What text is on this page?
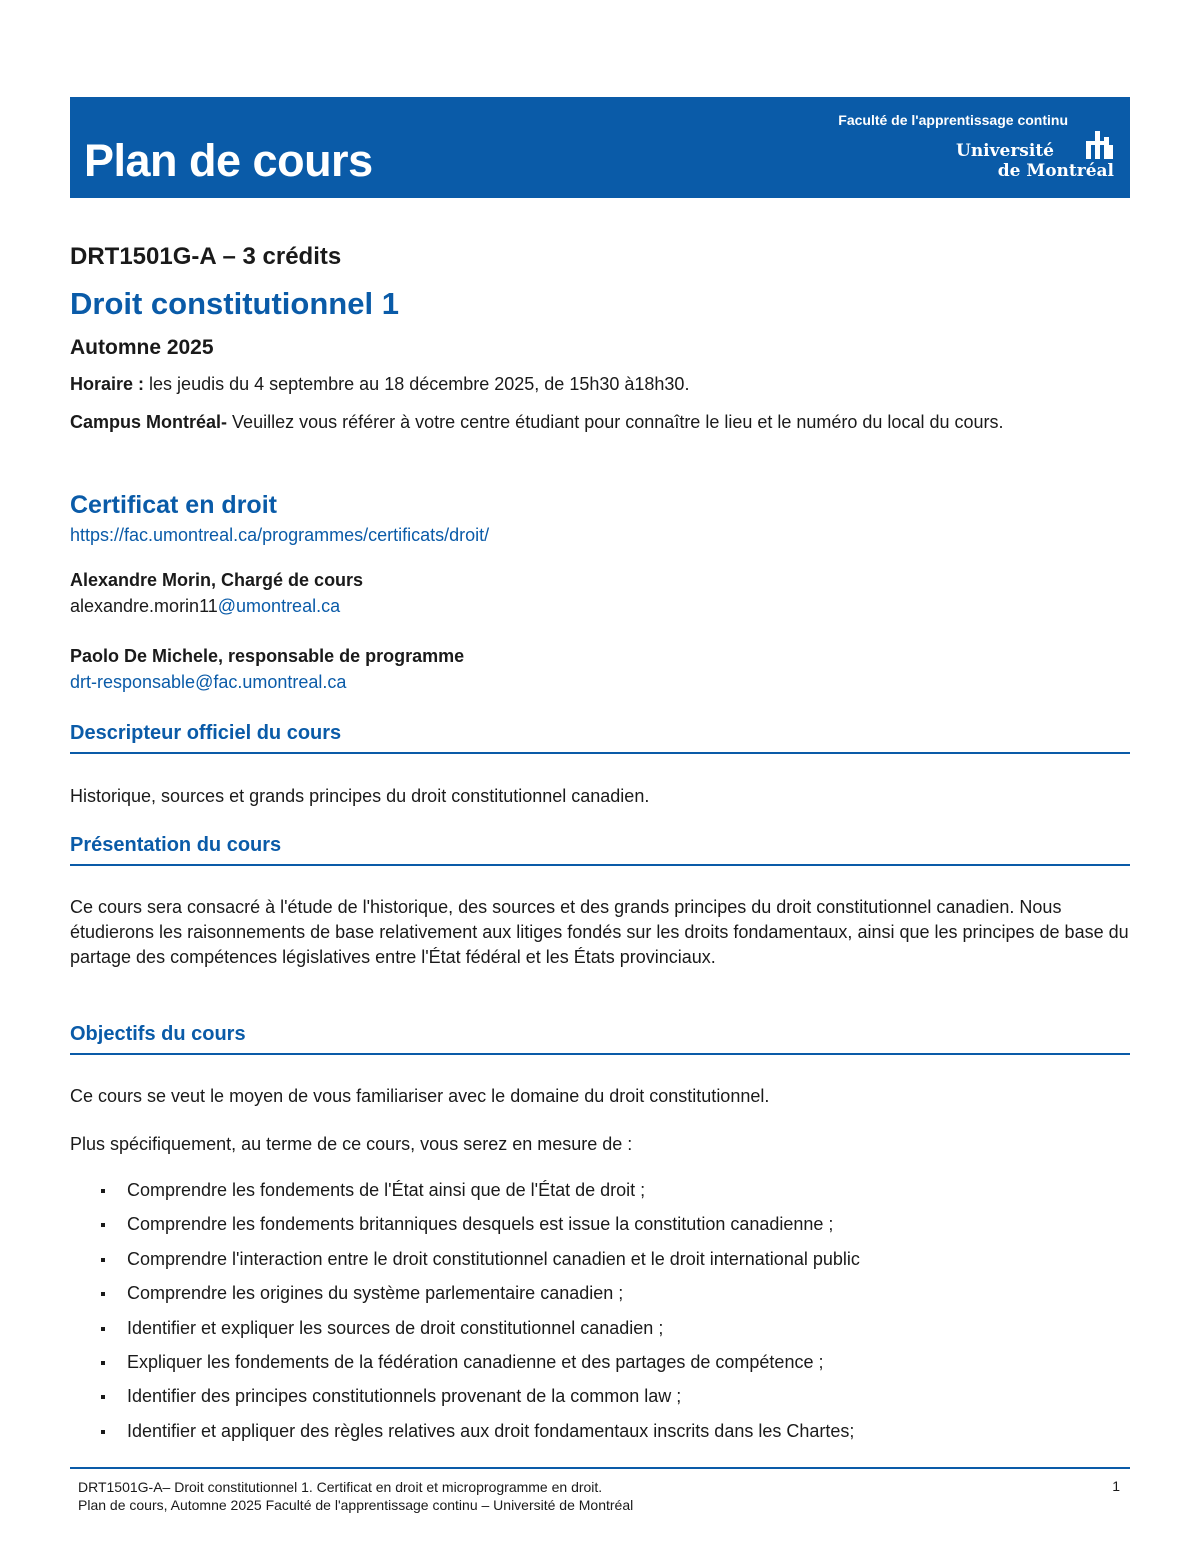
Plan de cours
Faculté de l'apprentissage continu
Université
de Montréal
DRT1501G-A – 3 crédits
Droit constitutionnel 1
Automne 2025
Horaire : les jeudis du 4 septembre au 18 décembre 2025, de 15h30 à18h30.
Campus Montréal- Veuillez vous référer à votre centre étudiant pour connaître le lieu et le numéro du local du cours.
Certificat en droit
https://fac.umontreal.ca/programmes/certificats/droit/
Alexandre Morin, Chargé de cours
alexandre.morin11@umontreal.ca
Paolo De Michele, responsable de programme
drt-responsable@fac.umontreal.ca
Descripteur officiel du cours
Historique, sources et grands principes du droit constitutionnel canadien.
Présentation du cours
Ce cours sera consacré à l'étude de l'historique, des sources et des grands principes du droit constitutionnel canadien. Nous étudierons les raisonnements de base relativement aux litiges fondés sur les droits fondamentaux, ainsi que les principes de base du partage des compétences législatives entre l'État fédéral et les États provinciaux.
Objectifs du cours
Ce cours se veut le moyen de vous familiariser avec le domaine du droit constitutionnel.
Plus spécifiquement, au terme de ce cours, vous serez en mesure de :
Comprendre les fondements de l'État ainsi que de l'État de droit ;
Comprendre les fondements britanniques desquels est issue la constitution canadienne ;
Comprendre l'interaction entre le droit constitutionnel canadien et le droit international public
Comprendre les origines du système parlementaire canadien ;
Identifier et expliquer les sources de droit constitutionnel canadien ;
Expliquer les fondements de la fédération canadienne et des partages de compétence ;
Identifier des principes constitutionnels provenant de la common law ;
Identifier et appliquer des règles relatives aux droit fondamentaux inscrits dans les Chartes;
DRT1501G-A– Droit constitutionnel 1. Certificat en droit et microprogramme en droit.
Plan de cours, Automne 2025 Faculté de l'apprentissage continu – Université de Montréal
1
